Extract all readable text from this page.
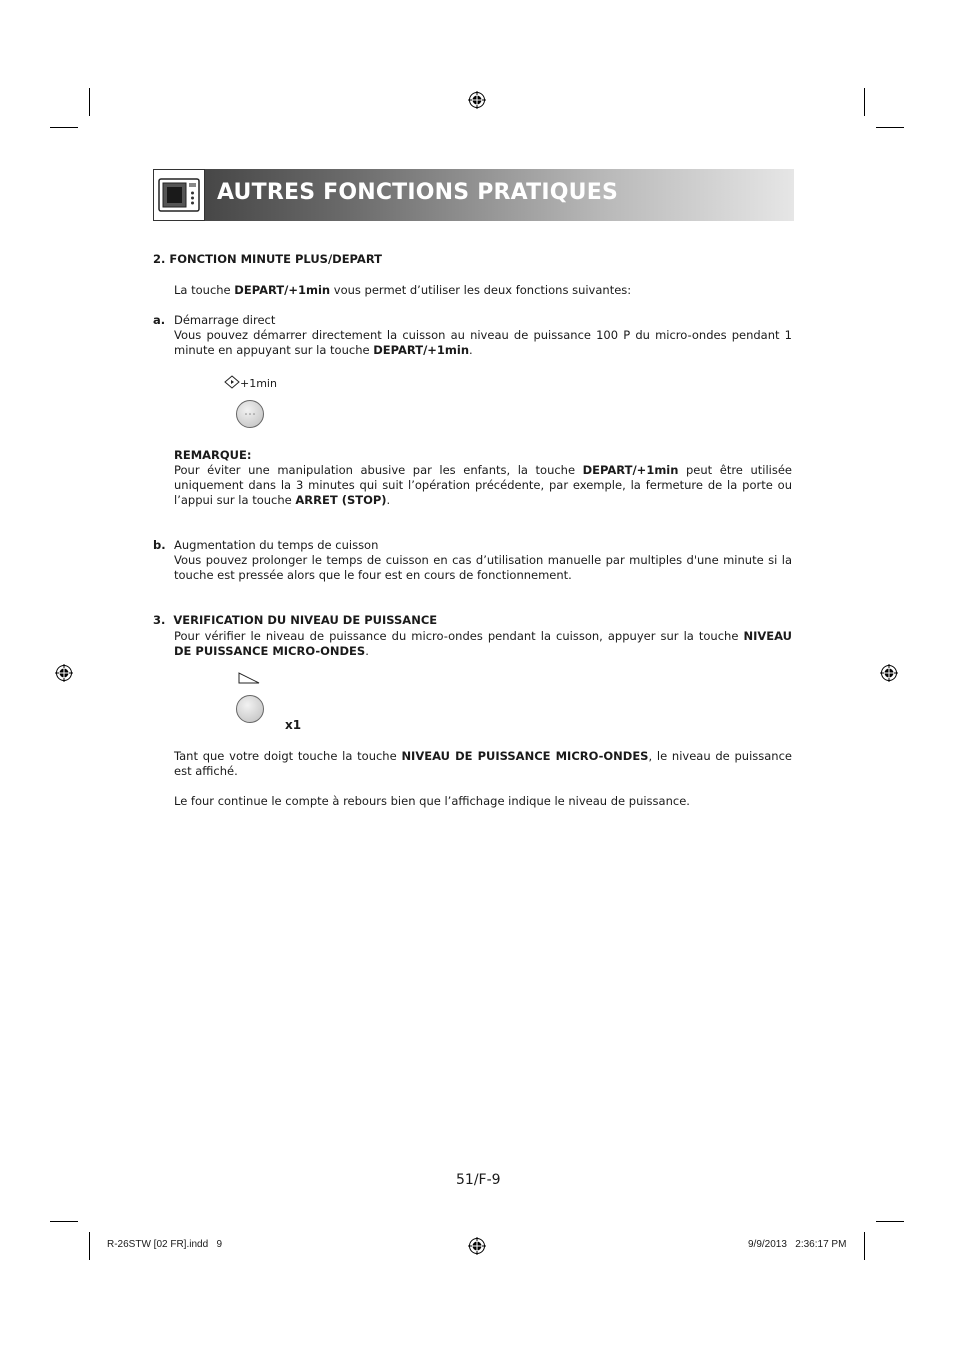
AUTRES FONCTIONS PRATIQUES
2. FONCTION MINUTE PLUS/DEPART
La touche DEPART/+1min vous permet d’utiliser les deux fonctions suivantes:
a. Démarrage direct
Vous pouvez démarrer directement la cuisson au niveau de puissance 100 P du micro-ondes pendant 1 minute en appuyant sur la touche DEPART/+1min.
+1min
REMARQUE:
Pour éviter une manipulation abusive par les enfants, la touche DEPART/+1min peut être utilisée uniquement dans la 3 minutes qui suit l’opération précédente, par exemple, la fermeture de la porte ou l’appui sur la touche ARRET (STOP).
b. Augmentation du temps de cuisson
Vous pouvez prolonger le temps de cuisson en cas d’utilisation manuelle par multiples d'une minute si la touche est pressée alors que le four est en cours de fonctionnement.
3.  VERIFICATION DU NIVEAU DE PUISSANCE
Pour vérifier le niveau de puissance du micro-ondes pendant la cuisson, appuyer sur la touche NIVEAU DE PUISSANCE MICRO-ONDES.
x1
Tant que votre doigt touche la touche NIVEAU DE PUISSANCE MICRO-ONDES, le niveau de puissance est affiché.
Le four continue le compte à rebours bien que l’affichage indique le niveau de puissance.
51/F-9
R-26STW [02 FR].indd   9	9/9/2013   2:36:17 PM
